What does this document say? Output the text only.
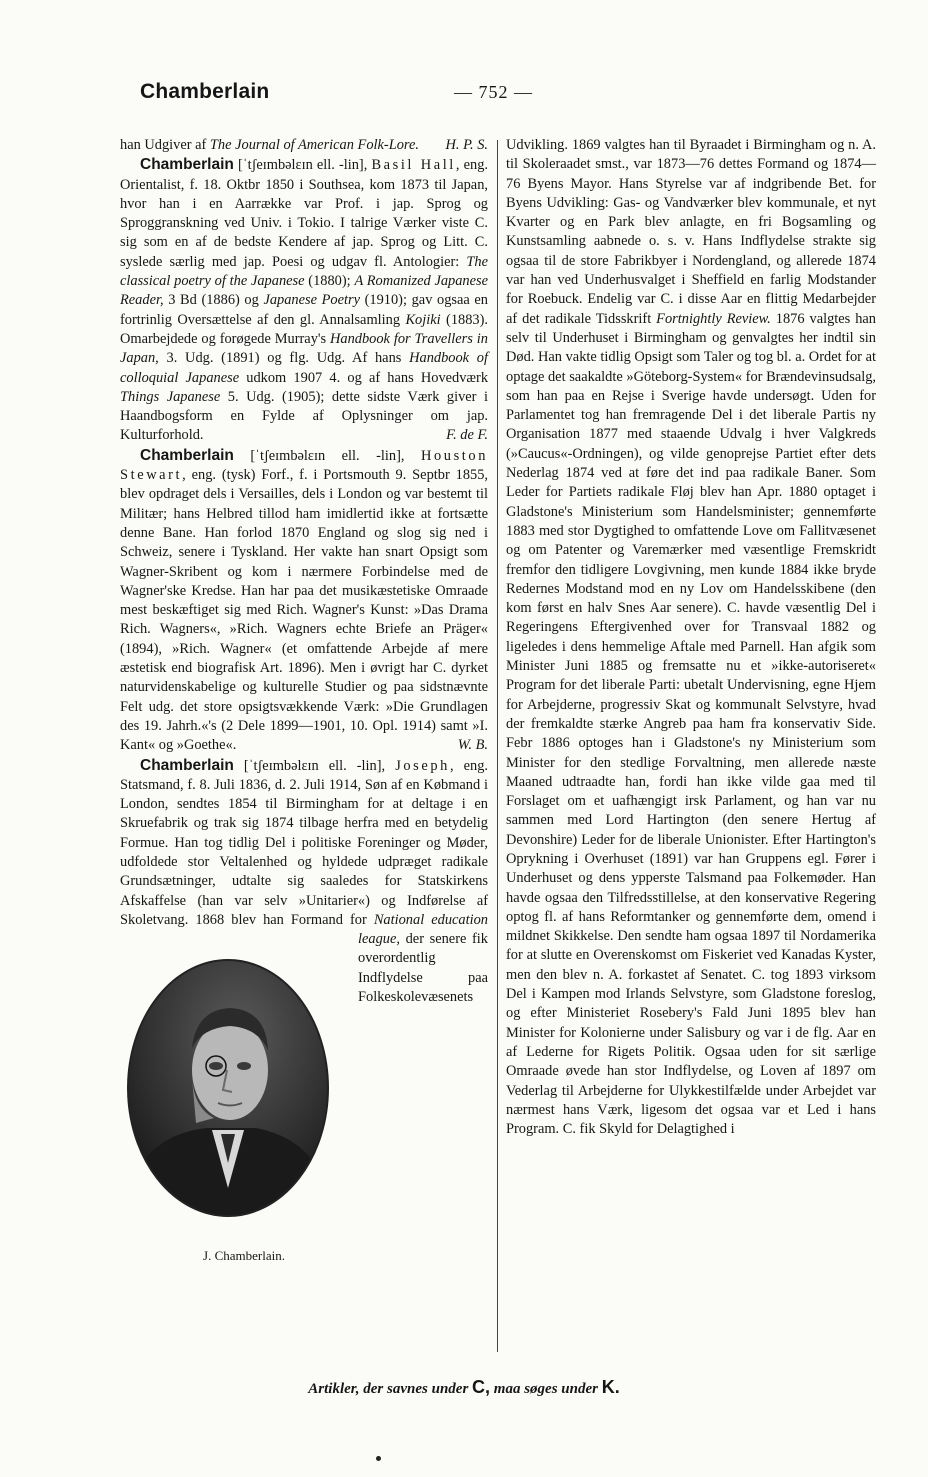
Chamberlain	— 752 —

han Udgiver af The Journal of American Folk-Lore. H. P. S.

Chamberlain [ˈtʃeɪmbəlɛɪn ell. -lin], Basil Hall, eng. Orientalist, f. 18. Oktbr 1850 i Southsea, kom 1873 til Japan, hvor han i en Aarrække var Prof. i jap. Sprog og Sproggranskning ved Univ. i Tokio. I talrige Værker viste C. sig som en af de bedste Kendere af jap. Sprog og Litt. C. syslede særlig med jap. Poesi og udgav fl. Antologier: The classical poetry of the Japanese (1880); A Romanized Japanese Reader, 3 Bd (1886) og Japanese Poetry (1910); gav ogsaa en fortrinlig Oversættelse af den gl. Annalsamling Kojiki (1883). Omarbejdede og forøgede Murray's Handbook for Travellers in Japan, 3. Udg. (1891) og flg. Udg. Af hans Handbook of colloquial Japanese udkom 1907 4. og af hans Hovedværk Things Japanese 5. Udg. (1905); dette sidste Værk giver i Haandbogsform en Fylde af Oplysninger om jap. Kulturforhold.	F. de F.

Chamberlain [ˈtʃeɪmbəlɛɪn ell. -lin], Houston Stewart, eng. (tysk) Forf., f. i Portsmouth 9. Septbr 1855, blev opdraget dels i Versailles, dels i London og var bestemt til Militær; hans Helbred tillod ham imidlertid ikke at fortsætte denne Bane. Han forlod 1870 England og slog sig ned i Schweiz, senere i Tyskland. Her vakte han snart Opsigt som Wagner-Skribent og kom i nærmere Forbindelse med de Wagner'ske Kredse. Han har paa det musikæstetiske Omraade mest beskæftiget sig med Rich. Wagner's Kunst: »Das Drama Rich. Wagners«, »Rich. Wagners echte Briefe an Präger« (1894), »Rich. Wagner« (et omfattende Arbejde af mere æstetisk end biografisk Art. 1896). Men i øvrigt har C. dyrket naturvidenskabelige og kulturelle Studier og paa sidstnævnte Felt udg. det store opsigtsvækkende Værk: »Die Grundlagen des 19. Jahrh.«'s (2 Dele 1899—1901, 10. Opl. 1914) samt »I. Kant« og »Goethe«.	W. B.

Chamberlain [ˈtʃeɪmbəlɛɪn ell. -lin], Joseph, eng. Statsmand, f. 8. Juli 1836, d. 2. Juli 1914, Søn af en Købmand i London, sendtes 1854 til Birmingham for at deltage i en Skruefabrik og trak sig 1874 tilbage herfra med en betydelig Formue. Han tog tidlig Del i politiske Foreninger og Møder, udfoldede stor Veltalenhed og hyldede udpræget radikale Grundsætninger, udtalte sig saaledes for Statskirkens Afskaffelse (han var selv »Unitarier«) og Indførelse af Skoletvang. 1868 blev han Formand for
J. Chamberlain.
National education league, der senere fik overordentlig Indflydelse paa Folkeskolevæsenets

Udvikling. 1869 valgtes han til Byraadet i Birmingham og n. A. til Skoleraadet smst., var 1873—76 dettes Formand og 1874—76 Byens Mayor. Hans Styrelse var af indgribende Bet. for Byens Udvikling: Gas- og Vandværker blev kommunale, et nyt Kvarter og en Park blev anlagte, en fri Bogsamling og Kunstsamling aabnede o. s. v. Hans Indflydelse strakte sig ogsaa til de store Fabrikbyer i Nordengland, og allerede 1874 var han ved Underhusvalget i Sheffield en farlig Modstander for Roebuck. Endelig var C. i disse Aar en flittig Medarbejder af det radikale Tidsskrift Fortnightly Review. 1876 valgtes han selv til Underhuset i Birmingham og genvalgtes her indtil sin Død. Han vakte tidlig Opsigt som Taler og tog bl. a. Ordet for at optage det saakaldte »Göteborg-System« for Brændevinsudsalg, som han paa en Rejse i Sverige havde undersøgt. Uden for Parlamentet tog han fremragende Del i det liberale Partis ny Organisation 1877 med staaende Udvalg i hver Valgkreds (»Caucus«-Ordningen), og vilde genoprejse Partiet efter dets Nederlag 1874 ved at føre det ind paa radikale Baner. Som Leder for Partiets radikale Fløj blev han Apr. 1880 optaget i Gladstone's Ministerium som Handelsminister; gennemførte 1883 med stor Dygtighed to omfattende Love om Fallitvæsenet og om Patenter og Varemærker med væsentlige Fremskridt fremfor den tidligere Lovgivning, men kunde 1884 ikke bryde Redernes Modstand mod en ny Lov om Handelsskibene (den kom først en halv Snes Aar senere). C. havde væsentlig Del i Regeringens Eftergivenhed over for Transvaal 1882 og ligeledes i dens hemmelige Aftale med Parnell. Han afgik som Minister Juni 1885 og fremsatte nu et »ikke-autoriseret« Program for det liberale Parti: ubetalt Undervisning, egne Hjem for Arbejderne, progressiv Skat og kommunalt Selvstyre, hvad der fremkaldte stærke Angreb paa ham fra konservativ Side. Febr 1886 optoges han i Gladstone's ny Ministerium som Minister for den stedlige Forvaltning, men allerede næste Maaned udtraadte han, fordi han ikke vilde gaa med til Forslaget om et uafhængigt irsk Parlament, og han var nu sammen med Lord Hartington (den senere Hertug af Devonshire) Leder for de liberale Unionister. Efter Hartington's Oprykning i Overhuset (1891) var han Gruppens egl. Fører i Underhuset og dens ypperste Talsmand paa Folkemøder. Han havde ogsaa den Tilfredsstillelse, at den konservative Regering optog fl. af hans Reformtanker og gennemførte dem, omend i mildnet Skikkelse. Den sendte ham ogsaa 1897 til Nordamerika for at slutte en Overenskomst om Fiskeriet ved Kanadas Kyster, men den blev n. A. forkastet af Senatet. C. tog 1893 virksom Del i Kampen mod Irlands Selvstyre, som Gladstone foreslog, og efter Ministeriet Rosebery's Fald Juni 1895 blev han Minister for Kolonierne under Salisbury og var i de flg. Aar en af Lederne for Rigets Politik. Ogsaa uden for sit særlige Omraade øvede han stor Indflydelse, og Loven af 1897 om Vederlag til Arbejderne for Ulykkestilfælde under Arbejdet var nærmest hans Værk, ligesom det ogsaa var et Led i hans Program. C. fik Skyld for Delagtighed i

Artikler, der savnes under C, maa søges under K.
